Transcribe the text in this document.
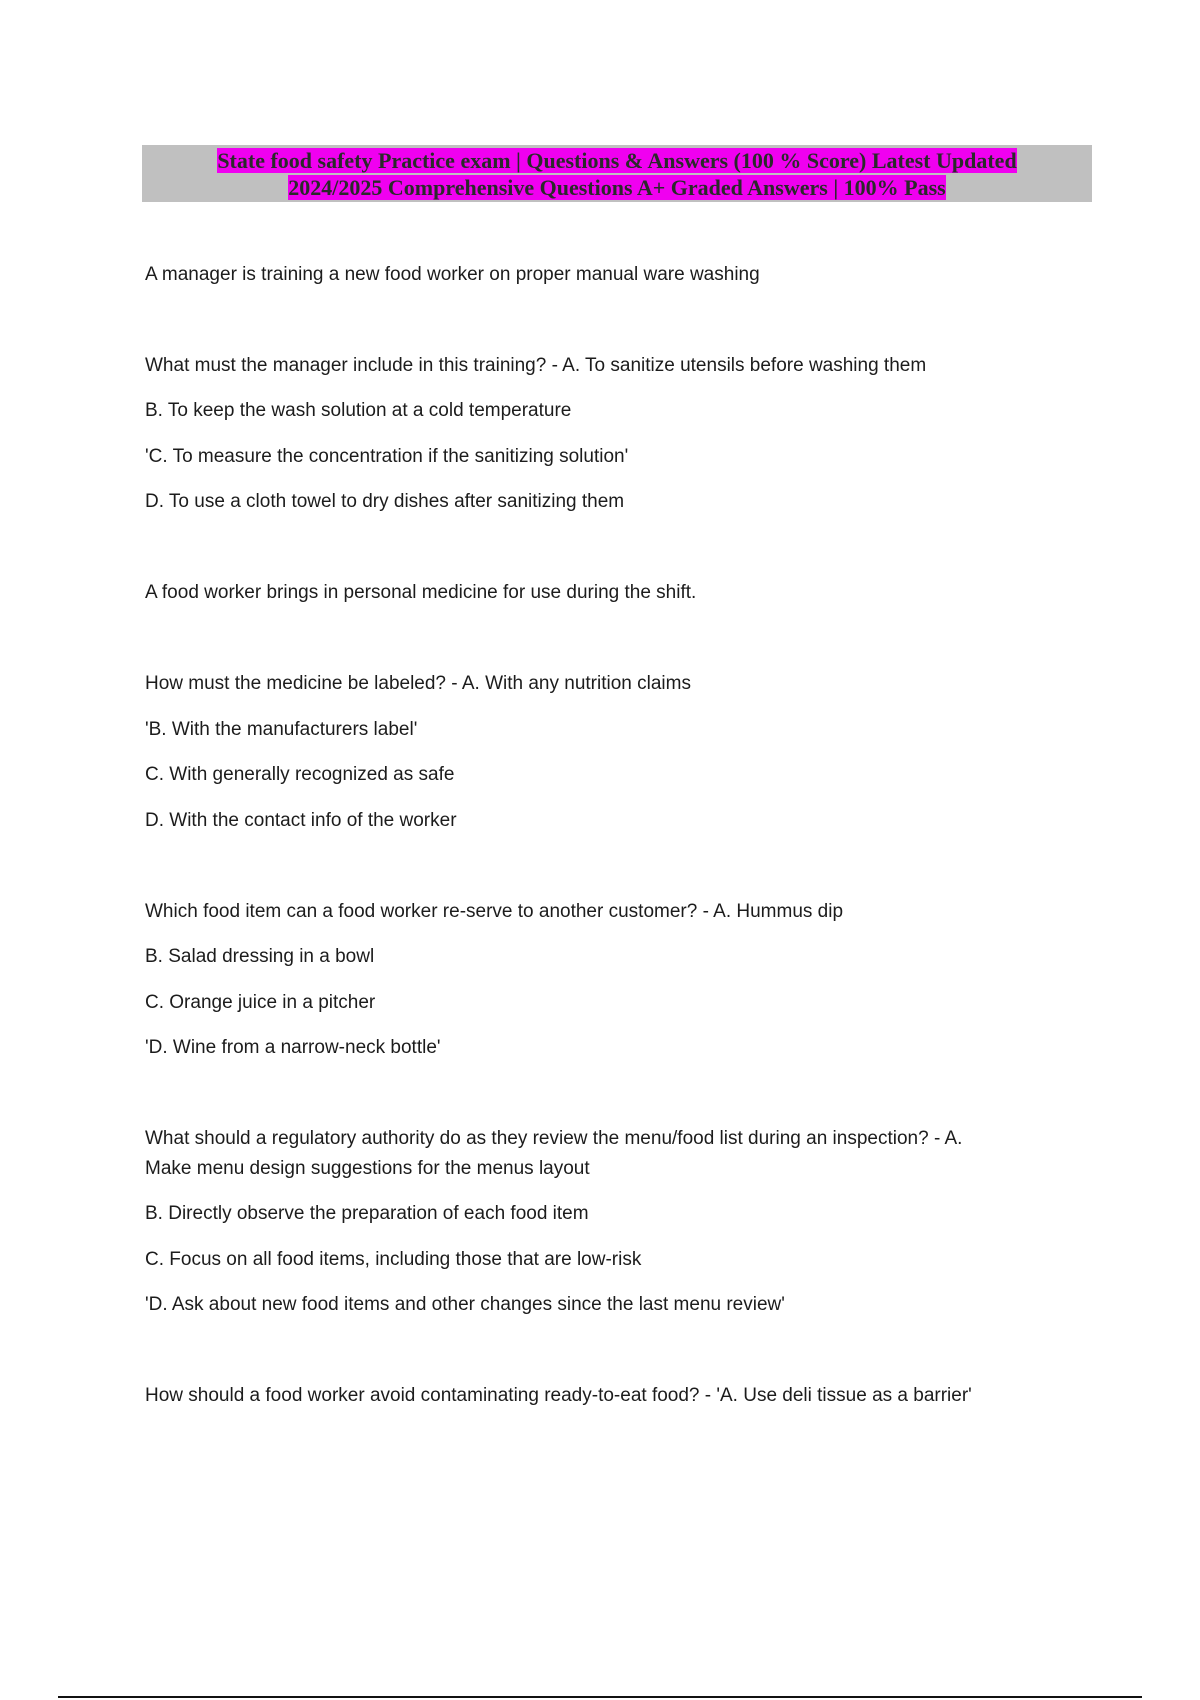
State food safety Practice exam | Questions & Answers (100 % Score) Latest Updated
2024/2025 Comprehensive Questions A+ Graded Answers | 100% Pass
A manager is training a new food worker on proper manual ware washing
What must the manager include in this training? - A. To sanitize utensils before washing them
B. To keep the wash solution at a cold temperature
'C. To measure the concentration if the sanitizing solution'
D. To use a cloth towel to dry dishes after sanitizing them
A food worker brings in personal medicine for use during the shift.
How must the medicine be labeled? - A. With any nutrition claims
'B. With the manufacturers label'
C. With generally recognized as safe
D. With the contact info of the worker
Which food item can a food worker re-serve to another customer? - A. Hummus dip
B. Salad dressing in a bowl
C. Orange juice in a pitcher
'D. Wine from a narrow-neck bottle'
What should a regulatory authority do as they review the menu/food list during an inspection? - A.
Make menu design suggestions for the menus layout
B. Directly observe the preparation of each food item
C. Focus on all food items, including those that are low-risk
'D. Ask about new food items and other changes since the last menu review'
How should a food worker avoid contaminating ready-to-eat food? - 'A. Use deli tissue as a barrier'
